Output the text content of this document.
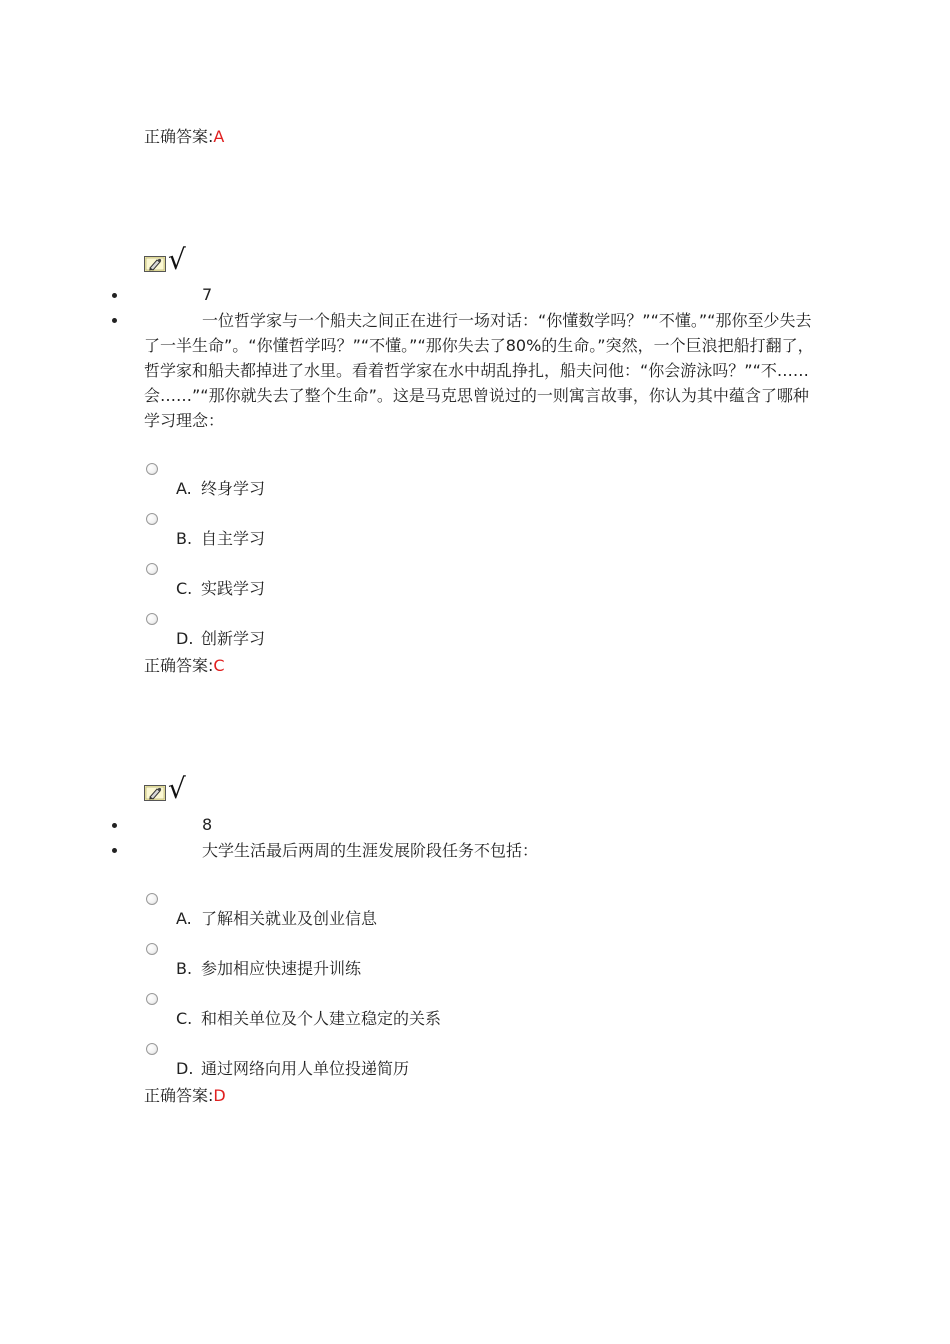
正确答案:A
√
7

一位哲学家与一个船夫之间正在进行一场对话：“你懂数学吗？”“不懂。”“那你至少失去了一半生命”。“你懂哲学吗？”“不懂。”“那你失去了80%的生命。”突然，一个巨浪把船打翻了，哲学家和船夫都掉进了水里。看着哲学家在水中胡乱挣扎，船夫问他：“你会游泳吗？”“不……会……”“那你就失去了整个生命”。这是马克思曾说过的一则寓言故事，你认为其中蕴含了哪种学习理念：

A. 终身学习
B. 自主学习
C. 实践学习
D. 创新学习
正确答案:C
√
8

大学生活最后两周的生涯发展阶段任务不包括：

A. 了解相关就业及创业信息
B. 参加相应快速提升训练
C. 和相关单位及个人建立稳定的关系
D. 通过网络向用人单位投递简历
正确答案:D
